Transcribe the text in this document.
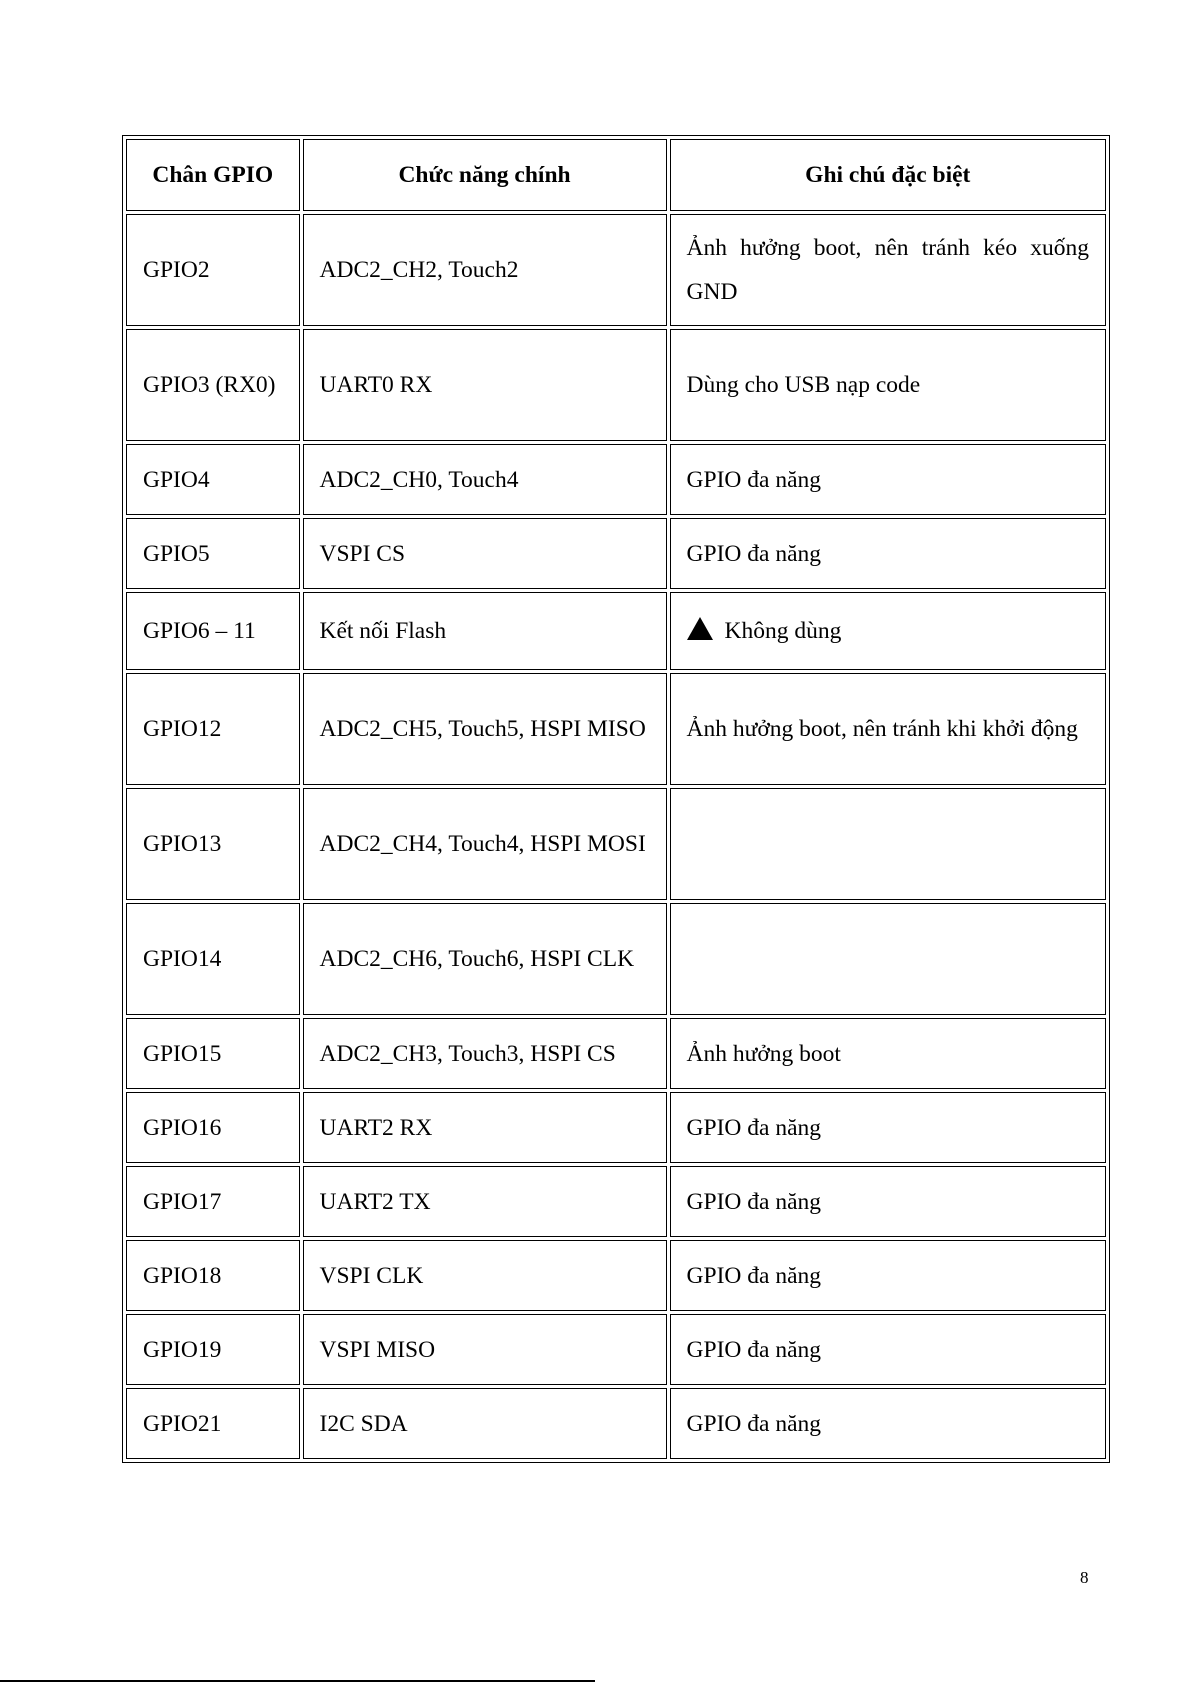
Chân GPIO	Chức năng chính	Ghi chú đặc biệt
GPIO2	ADC2_CH2, Touch2	Ảnh hưởng boot, nên tránh kéo xuống GND
GPIO3 (RX0)	UART0 RX	Dùng cho USB nạp code
GPIO4	ADC2_CH0, Touch4	GPIO đa năng
GPIO5	VSPI CS	GPIO đa năng
GPIO6 – 11	Kết nối Flash	Không dùng
GPIO12	ADC2_CH5, Touch5, HSPI MISO	Ảnh hưởng boot, nên tránh khi khởi động
GPIO13	ADC2_CH4, Touch4, HSPI MOSI	
GPIO14	ADC2_CH6, Touch6, HSPI CLK	
GPIO15	ADC2_CH3, Touch3, HSPI CS	Ảnh hưởng boot
GPIO16	UART2 RX	GPIO đa năng
GPIO17	UART2 TX	GPIO đa năng
GPIO18	VSPI CLK	GPIO đa năng
GPIO19	VSPI MISO	GPIO đa năng
GPIO21	I2C SDA	GPIO đa năng
8
